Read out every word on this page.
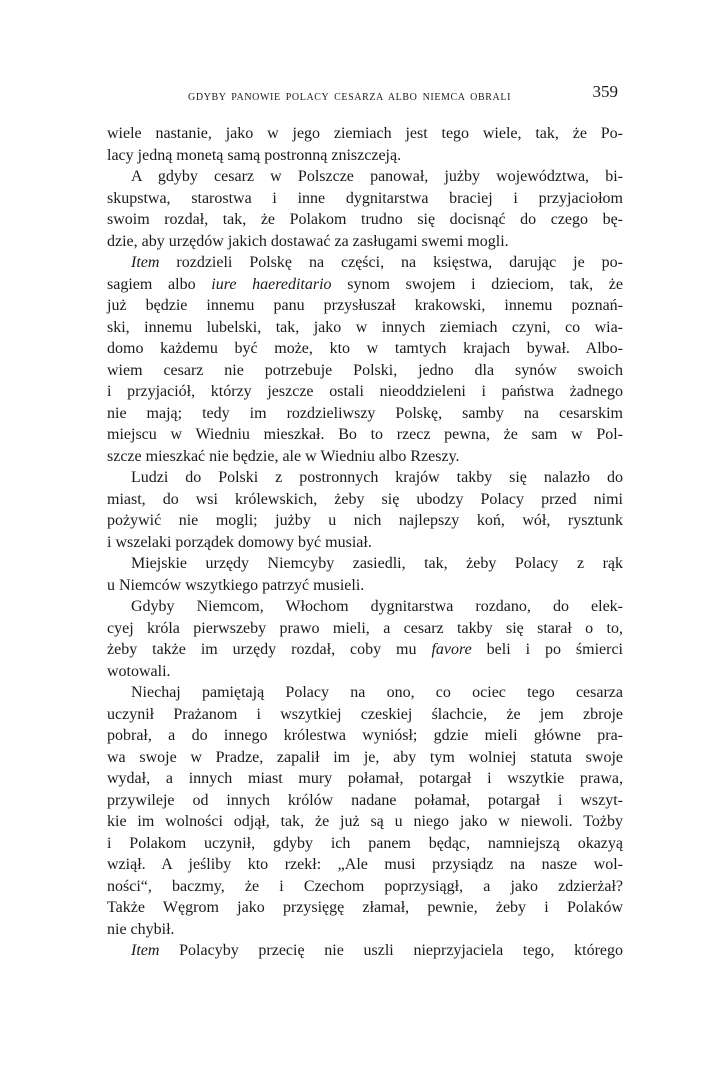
GDYBY PANOWIE POLACY CESARZA ALBO NIEMCA OBRALI	359
wiele nastanie, jako w jego ziemiach jest tego wiele, tak, że Po-
lacy jedną monetą samą postronną zniszczeją.
A gdyby cesarz w Polszcze panował, jużby województwa, bi-
skupstwa, starostwa i inne dygnitarstwa braciej i przyjaciołom
swoim rozdał, tak, że Polakom trudno się docisnąć do czego bę-
dzie, aby urzędów jakich dostawać za zasługami swemi mogli.
Item rozdzieli Polskę na części, na księstwa, darując je po-
sagiem albo iure haereditario synom swojem i dzieciom, tak, że
już będzie innemu panu przysłuszał krakowski, innemu poznań-
ski, innemu lubelski, tak, jako w innych ziemiach czyni, co wia-
domo każdemu być może, kto w tamtych krajach bywał. Albo-
wiem cesarz nie potrzebuje Polski, jedno dla synów swoich
i przyjaciół, którzy jeszcze ostali nieoddzieleni i państwa żadnego
nie mają; tedy im rozdzieliwszy Polskę, samby na cesarskim
miejscu w Wiedniu mieszkał. Bo to rzecz pewna, że sam w Pol-
szcze mieszkać nie będzie, ale w Wiedniu albo Rzeszy.
Ludzi do Polski z postronnych krajów takby się nalazło do
miast, do wsi królewskich, żeby się ubodzy Polacy przed nimi
pożywić nie mogli; jużby u nich najlepszy koń, wół, rysztunk
i wszelaki porządek domowy być musiał.
Miejskie urzędy Niemcyby zasiedli, tak, żeby Polacy z rąk
u Niemców wszytkiego patrzyć musieli.
Gdyby Niemcom, Włochom dygnitarstwa rozdano, do elek-
cyej króla pierwszeby prawo mieli, a cesarz takby się starał o to,
żeby także im urzędy rozdał, coby mu favore beli i po śmierci
wotowali.
Niechaj pamiętają Polacy na ono, co ociec tego cesarza
uczynił Prażanom i wszytkiej czeskiej ślachcie, że jem zbroje
pobrał, a do innego królestwa wyniósł; gdzie mieli główne pra-
wa swoje w Pradze, zapalił im je, aby tym wolniej statuta swoje
wydał, a innych miast mury połamał, potargał i wszytkie prawa,
przywileje od innych królów nadane połamał, potargał i wszyt-
kie im wolności odjął, tak, że już są u niego jako w niewoli. Tożby
i Polakom uczynił, gdyby ich panem będąc, namniejszą okazyą
wziął. A jeśliby kto rzekł: „Ale musi przysiądz na nasze wol-
ności“, baczmy, że i Czechom poprzysiągł, a jako zdzierżał?
Także Węgrom jako przysięgę złamał, pewnie, żeby i Polaków
nie chybił.
Item Polacyby przecię nie uszli nieprzyjaciela tego, którego
